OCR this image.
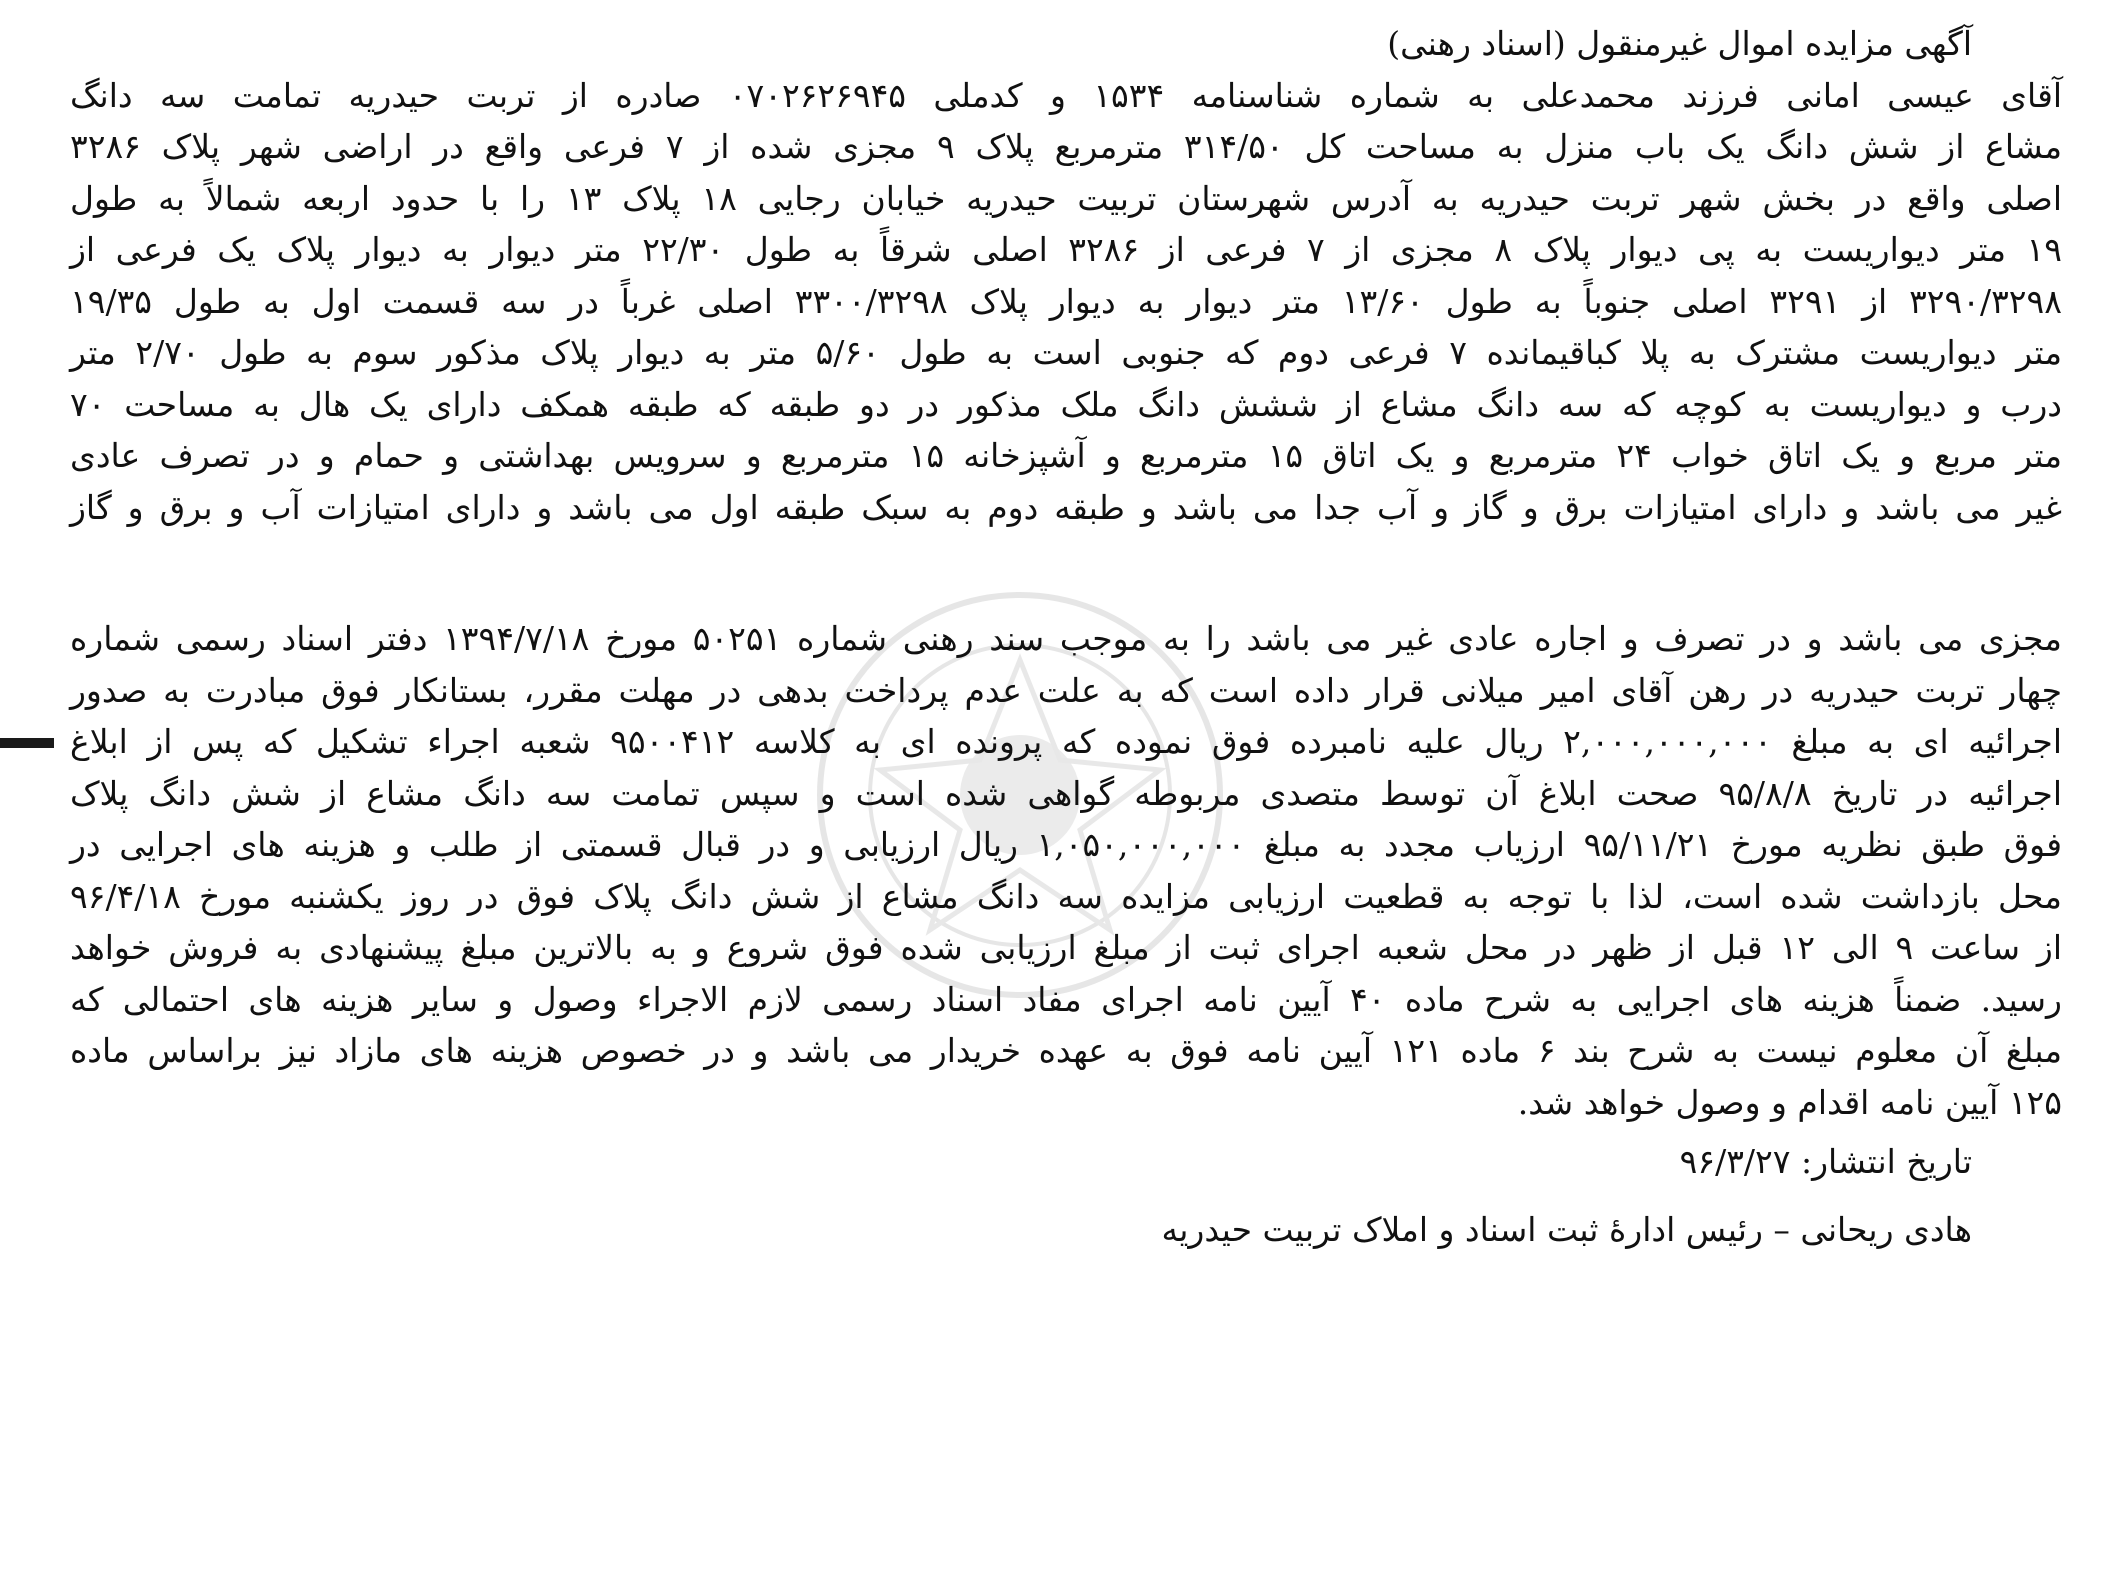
آگهی مزایده اموال غیرمنقول (اسناد رهنی)
آقای عیسی امانی فرزند محمدعلی به شماره شناسنامه ۱۵۳۴ و کدملی ۰۷۰۲۶۲۶۹۴۵ صادره از تربت حیدریه تمامت سه دانگ
مشاع از شش دانگ یک باب منزل به مساحت کل ۳۱۴/۵۰ مترمربع پلاک ۹ مجزی شده از ۷ فرعی واقع در اراضی شهر پلاک ۳۲۸۶
اصلی واقع در بخش شهر تربت حیدریه به آدرس شهرستان تربیت حیدریه خیابان رجایی ۱۸ پلاک ۱۳ را با حدود اربعه شمالاً به طول
۱۹ متر دیواریست به پی دیوار پلاک ۸ مجزی از ۷ فرعی از ۳۲۸۶ اصلی شرقاً به طول ۲۲/۳۰ متر دیوار به دیوار پلاک یک فرعی از
۳۲۹۰/۳۲۹۸ از ۳۲۹۱ اصلی جنوباً به طول ۱۳/۶۰ متر دیوار به دیوار پلاک ۳۳۰۰/۳۲۹۸ اصلی غرباً در سه قسمت اول به طول ۱۹/۳۵
متر دیواریست مشترک به پلا کباقیمانده ۷ فرعی دوم که جنوبی است به طول ۵/۶۰ متر به دیوار پلاک مذکور سوم به طول ۲/۷۰ متر
درب و دیواریست به کوچه که سه دانگ مشاع از ششش دانگ ملک مذکور در دو طبقه که طبقه همکف دارای یک هال به مساحت ۷۰
متر مربع و یک اتاق خواب ۲۴ مترمربع و یک اتاق ۱۵ مترمربع و آشپزخانه ۱۵ مترمربع و سرویس بهداشتی و حمام و در تصرف عادی
غیر می باشد و دارای امتیازات برق و گاز و آب جدا می باشد و طبقه دوم به سبک طبقه اول می باشد و دارای امتیازات آب و برق و گاز
مجزی می باشد و در تصرف و اجاره عادی غیر می باشد را به موجب سند رهنی شماره ۵۰۲۵۱ مورخ ۱۳۹۴/۷/۱۸ دفتر اسناد رسمی شماره
چهار تربت حیدریه در رهن آقای امیر میلانی قرار داده است که به علت عدم پرداخت بدهی در مهلت مقرر، بستانکار فوق مبادرت به صدور
اجرائیه ای به مبلغ ۲,۰۰۰,۰۰۰,۰۰۰ ریال علیه نامبرده فوق نموده که پرونده ای به کلاسه ۹۵۰۰۴۱۲ شعبه اجراء تشکیل که پس از ابلاغ
اجرائیه در تاریخ ۹۵/۸/۸ صحت ابلاغ آن توسط متصدی مربوطه گواهی شده است و سپس تمامت سه دانگ مشاع از شش دانگ پلاک
فوق طبق نظریه مورخ ۹۵/۱۱/۲۱ ارزیاب مجدد به مبلغ ۱,۰۵۰,۰۰۰,۰۰۰ ریال ارزیابی و در قبال قسمتی از طلب و هزینه های اجرایی در
محل بازداشت شده است، لذا با توجه به قطعیت ارزیابی مزایده سه دانگ مشاع از شش دانگ پلاک فوق در روز یکشنبه مورخ ۹۶/۴/۱۸
از ساعت ۹ الی ۱۲ قبل از ظهر در محل شعبه اجرای ثبت از مبلغ ارزیابی شده فوق شروع و به بالاترین مبلغ پیشنهادی به فروش خواهد
رسید. ضمناً هزینه های اجرایی به شرح ماده ۴۰ آیین نامه اجرای مفاد اسناد رسمی لازم الاجراء وصول و سایر هزینه های احتمالی که
مبلغ آن معلوم نیست به شرح بند ۶ ماده ۱۲۱ آیین نامه فوق به عهده خریدار می باشد و در خصوص هزینه های مازاد نیز براساس ماده
۱۲۵ آیین نامه اقدام و وصول خواهد شد.
تاریخ انتشار: ۹۶/۳/۲۷
هادی ریحانی – رئیس ادارهٔ ثبت اسناد و املاک تربیت حیدریه
